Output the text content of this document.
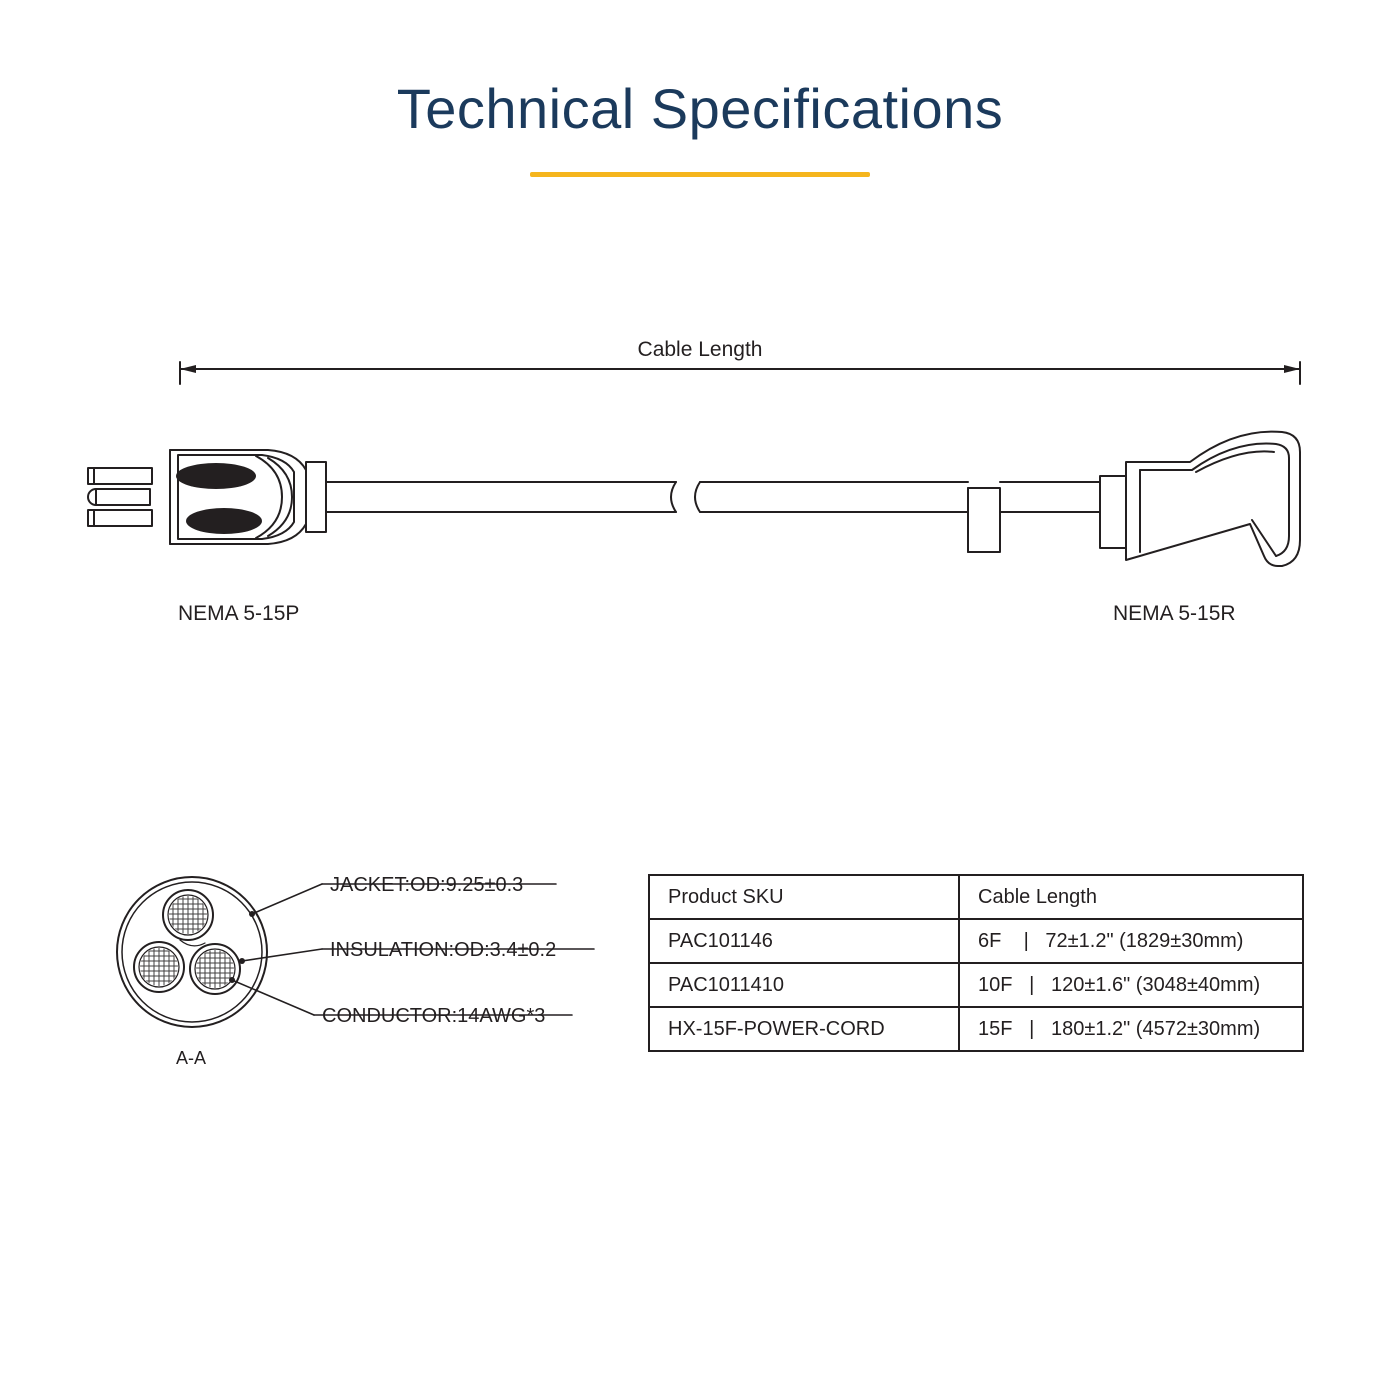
Technical Specifications
Cable Length
NEMA 5-15P	NEMA 5-15R
JACKET:OD:9.25±0.3
INSULATION:OD:3.4±0.2
CONDUCTOR:14AWG*3
A-A
Product SKU	Cable Length
PAC101146	6F    |   72±1.2" (1829±30mm)
PAC1011410	10F   |   120±1.6" (3048±40mm)
HX-15F-POWER-CORD	15F   |   180±1.2" (4572±30mm)
